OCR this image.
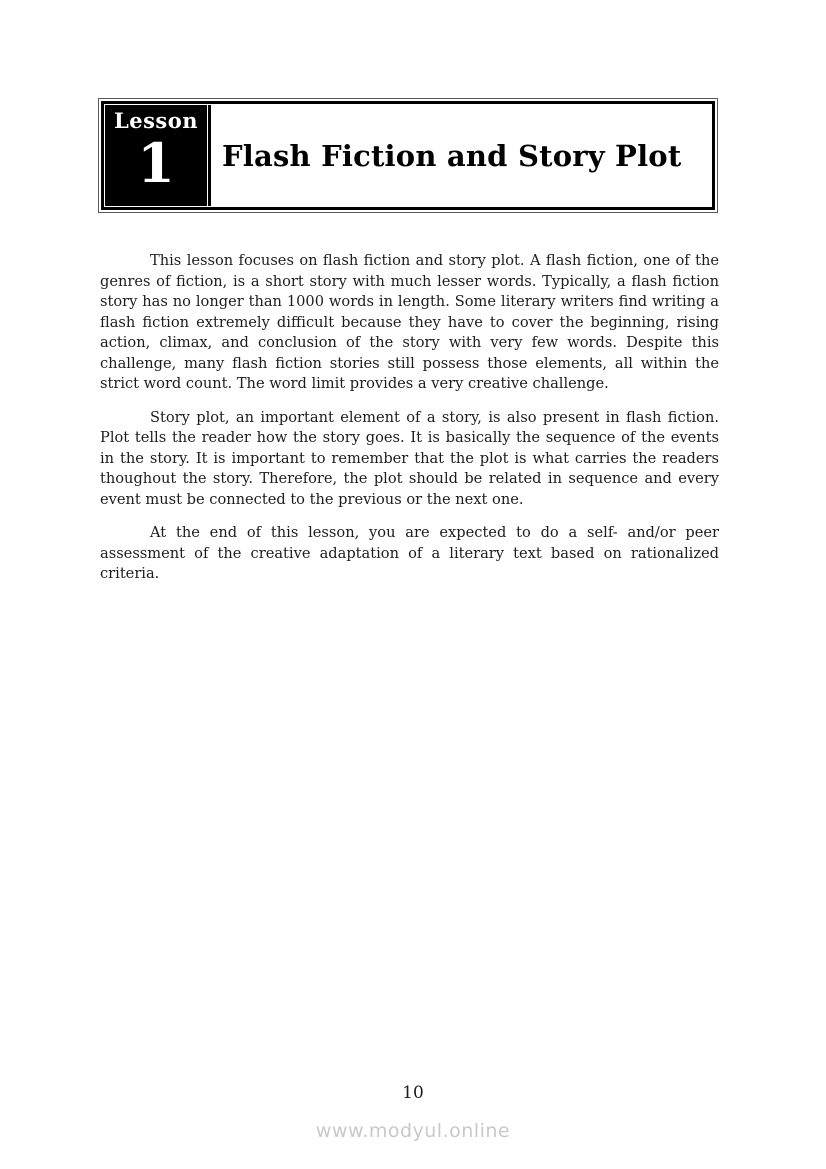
Lesson
1 Flash Fiction and Story Plot

This lesson focuses on flash fiction and story plot. A flash fiction, one of the genres of fiction, is a short story with much lesser words. Typically, a flash fiction story has no longer than 1000 words in length. Some literary writers find writing a flash fiction extremely difficult because they have to cover the beginning, rising action, climax, and conclusion of the story with very few words. Despite this challenge, many flash fiction stories still possess those elements, all within the strict word count. The word limit provides a very creative challenge.

Story plot, an important element of a story, is also present in flash fiction. Plot tells the reader how the story goes. It is basically the sequence of the events in the story. It is important to remember that the plot is what carries the readers thoughout the story. Therefore, the plot should be related in sequence and every event must be connected to the previous or the next one.

At the end of this lesson, you are expected to do a self- and/or peer assessment of the creative adaptation of a literary text based on rationalized criteria.

10
www.modyul.online
